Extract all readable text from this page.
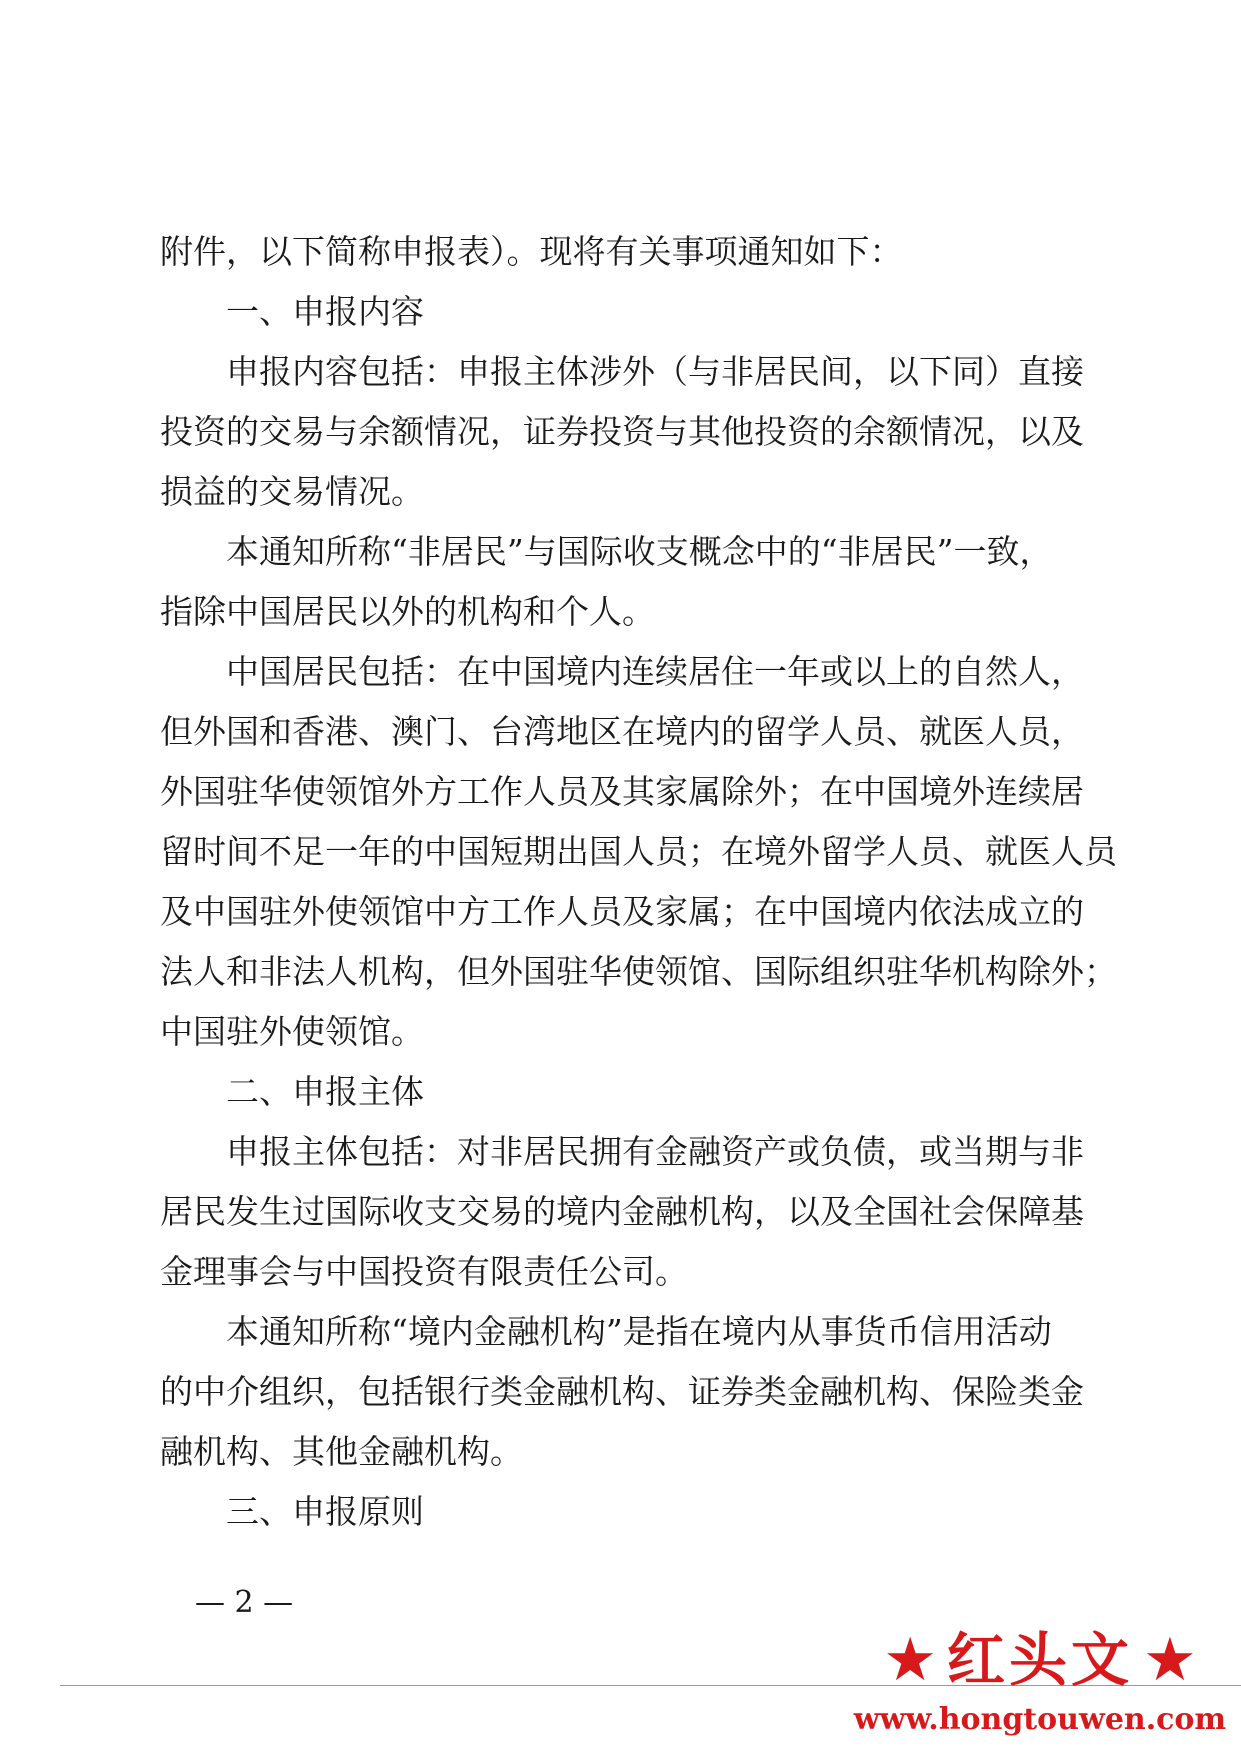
附件，以下简称申报表）。现将有关事项通知如下：
一、申报内容
申报内容包括：申报主体涉外（与非居民间，以下同）直接
投资的交易与余额情况，证券投资与其他投资的余额情况，以及
损益的交易情况。
本通知所称“非居民”与国际收支概念中的“非居民”一致，
指除中国居民以外的机构和个人。
中国居民包括：在中国境内连续居住一年或以上的自然人，
但外国和香港、澳门、台湾地区在境内的留学人员、就医人员，
外国驻华使领馆外方工作人员及其家属除外；在中国境外连续居
留时间不足一年的中国短期出国人员；在境外留学人员、就医人员
及中国驻外使领馆中方工作人员及家属；在中国境内依法成立的
法人和非法人机构，但外国驻华使领馆、国际组织驻华机构除外；
中国驻外使领馆。
二、申报主体
申报主体包括：对非居民拥有金融资产或负债，或当期与非
居民发生过国际收支交易的境内金融机构，以及全国社会保障基
金理事会与中国投资有限责任公司。
本通知所称“境内金融机构”是指在境内从事货币信用活动
的中介组织，包括银行类金融机构、证券类金融机构、保险类金
融机构、其他金融机构。
三、申报原则
— 2 —
★ 红头文 ★
www.hongtouwen.com
